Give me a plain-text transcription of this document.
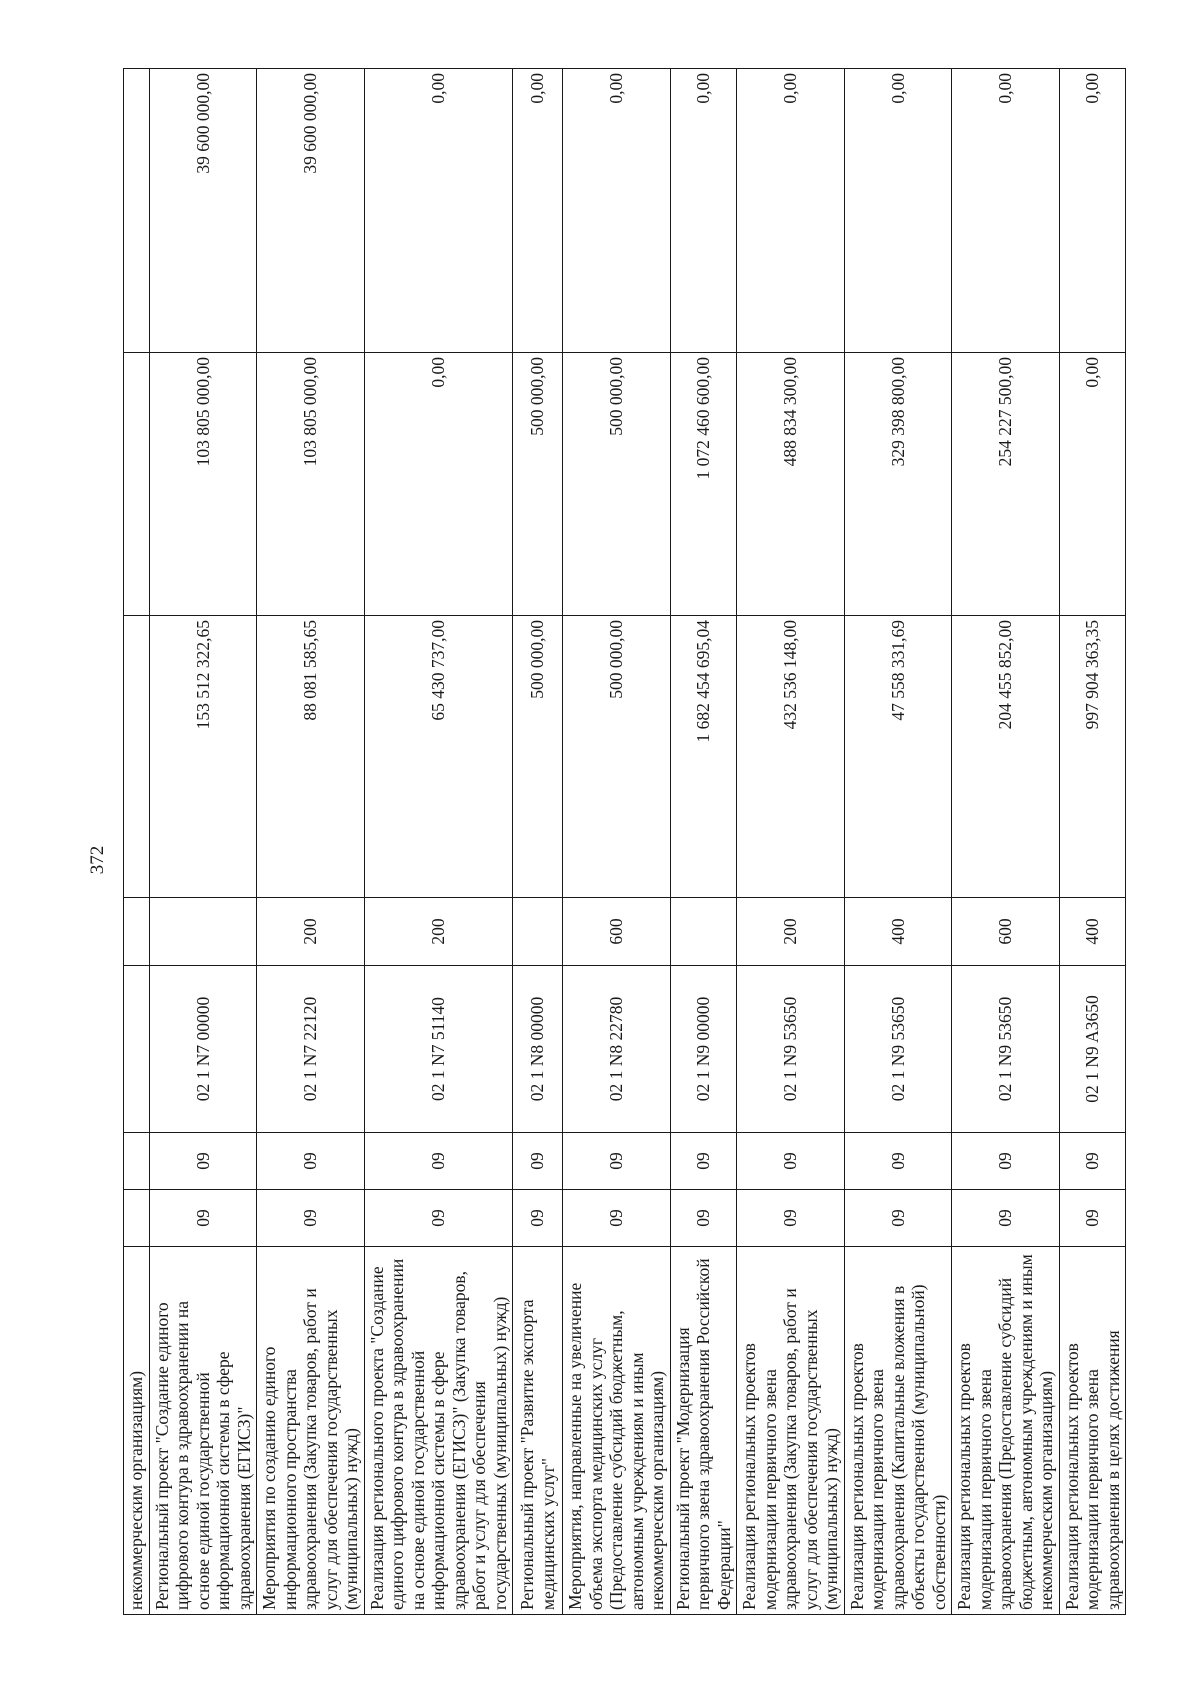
372
некоммерческим организациям)							
Региональный проект "Создание единого цифрового контура в здравоохранении на основе единой государственной информационной системы в сфере здравоохранения (ЕГИСЗ)"	09	09	02 1 N7 00000		153 512 322,65	103 805 000,00	39 600 000,00
Мероприятия по созданию единого информационного пространства здравоохранения (Закупка товаров, работ и услуг для обеспечения государственных (муниципальных) нужд)	09	09	02 1 N7 22120	200	88 081 585,65	103 805 000,00	39 600 000,00
Реализация регионального проекта "Создание единого цифрового контура в здравоохранении на основе единой государственной информационной системы в сфере здравоохранения (ЕГИСЗ)" (Закупка товаров, работ и услуг для обеспечения государственных (муниципальных) нужд)	09	09	02 1 N7 51140	200	65 430 737,00	0,00	0,00
Региональный проект "Развитие экспорта медицинских услуг"	09	09	02 1 N8 00000		500 000,00	500 000,00	0,00
Мероприятия, направленные на увеличение объема экспорта медицинских услуг (Предоставление субсидий бюджетным, автономным учреждениям и иным некоммерческим организациям)	09	09	02 1 N8 22780	600	500 000,00	500 000,00	0,00
Региональный проект "Модернизация первичного звена здравоохранения Российской Федерации"	09	09	02 1 N9 00000		1 682 454 695,04	1 072 460 600,00	0,00
Реализация региональных проектов модернизации первичного звена здравоохранения (Закупка товаров, работ и услуг для обеспечения государственных (муниципальных) нужд)	09	09	02 1 N9 53650	200	432 536 148,00	488 834 300,00	0,00
Реализация региональных проектов модернизации первичного звена здравоохранения (Капитальные вложения в объекты государственной (муниципальной) собственности)	09	09	02 1 N9 53650	400	47 558 331,69	329 398 800,00	0,00
Реализация региональных проектов модернизации первичного звена здравоохранения (Предоставление субсидий бюджетным, автономным учреждениям и иным некоммерческим организациям)	09	09	02 1 N9 53650	600	204 455 852,00	254 227 500,00	0,00
Реализация региональных проектов модернизации первичного звена здравоохранения в целях достижения	09	09	02 1 N9 A3650	400	997 904 363,35	0,00	0,00
